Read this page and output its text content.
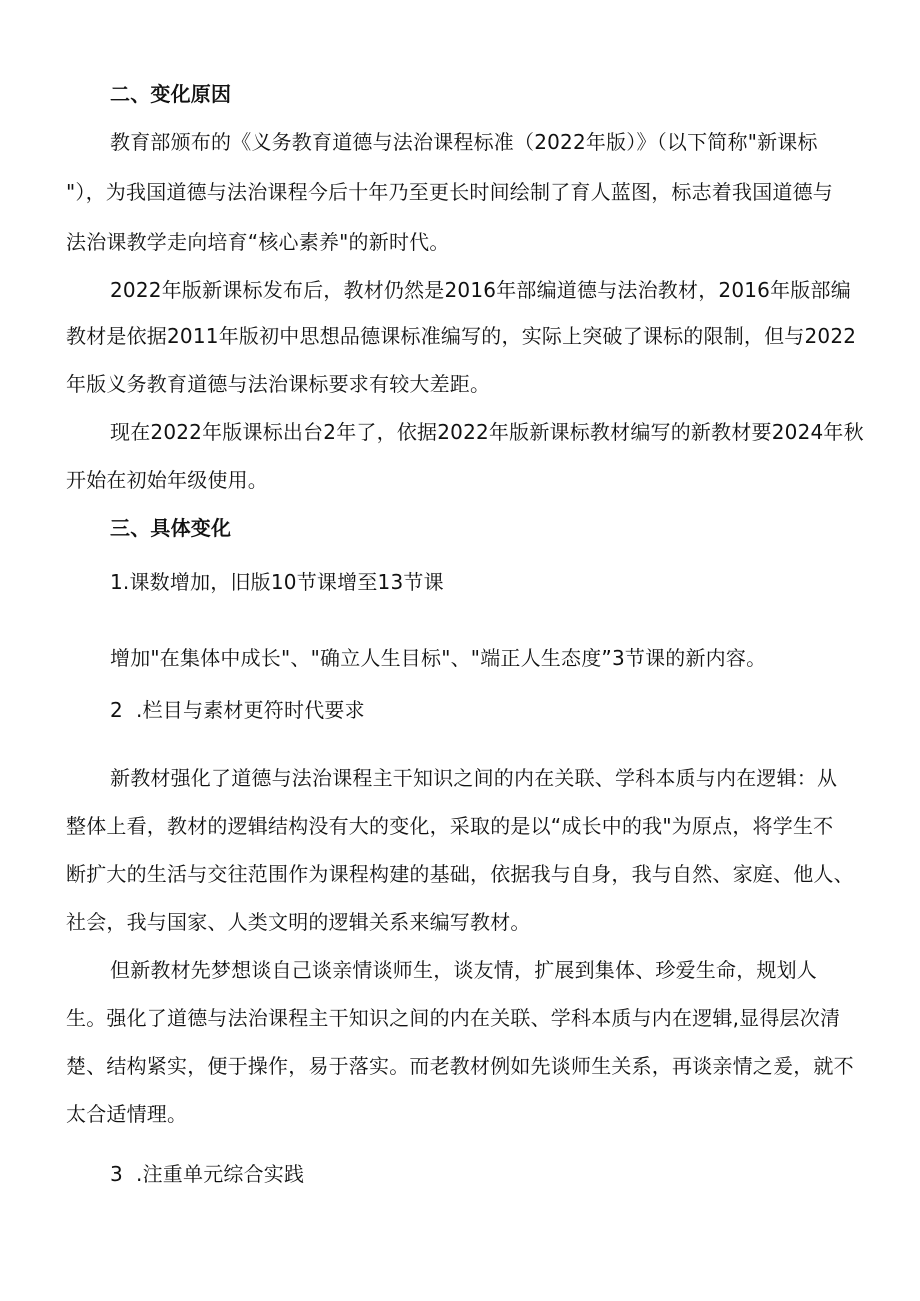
二、变化原因
教育部颁布的《义务教育道德与法治课程标准（2022年版）》（以下简称"新课标
"），为我国道德与法治课程今后十年乃至更长时间绘制了育人蓝图，标志着我国道德与
法治课教学走向培育“核心素养"的新时代。
2022年版新课标发布后，教材仍然是2016年部编道德与法治教材，2016年版部编
教材是依据2011年版初中思想品德课标准编写的，实际上突破了课标的限制，但与2022
年版义务教育道德与法治课标要求有较大差距。
现在2022年版课标出台2年了，依据2022年版新课标教材编写的新教材要2024年秋
开始在初始年级使用。
三、具体变化
1.课数增加，旧版10节课增至13节课
增加"在集体中成长"、"确立人生目标"、"端正人生态度”3节课的新内容。
2  .栏目与素材更符时代要求
新教材强化了道德与法治课程主干知识之间的内在关联、学科本质与内在逻辑：从
整体上看，教材的逻辑结构没有大的变化，采取的是以“成长中的我"为原点，将学生不
断扩大的生活与交往范围作为课程构建的基础，依据我与自身，我与自然、家庭、他人、
社会，我与国家、人类文明的逻辑关系来编写教材。
但新教材先梦想谈自己谈亲情谈师生，谈友情，扩展到集体、珍爱生命，规划人
生。强化了道德与法治课程主干知识之间的内在关联、学科本质与内在逻辑,显得层次清
楚、结构紧实，便于操作，易于落实。而老教材例如先谈师生关系，再谈亲情之爰，就不
太合适情理。
3  .注重单元综合实践
